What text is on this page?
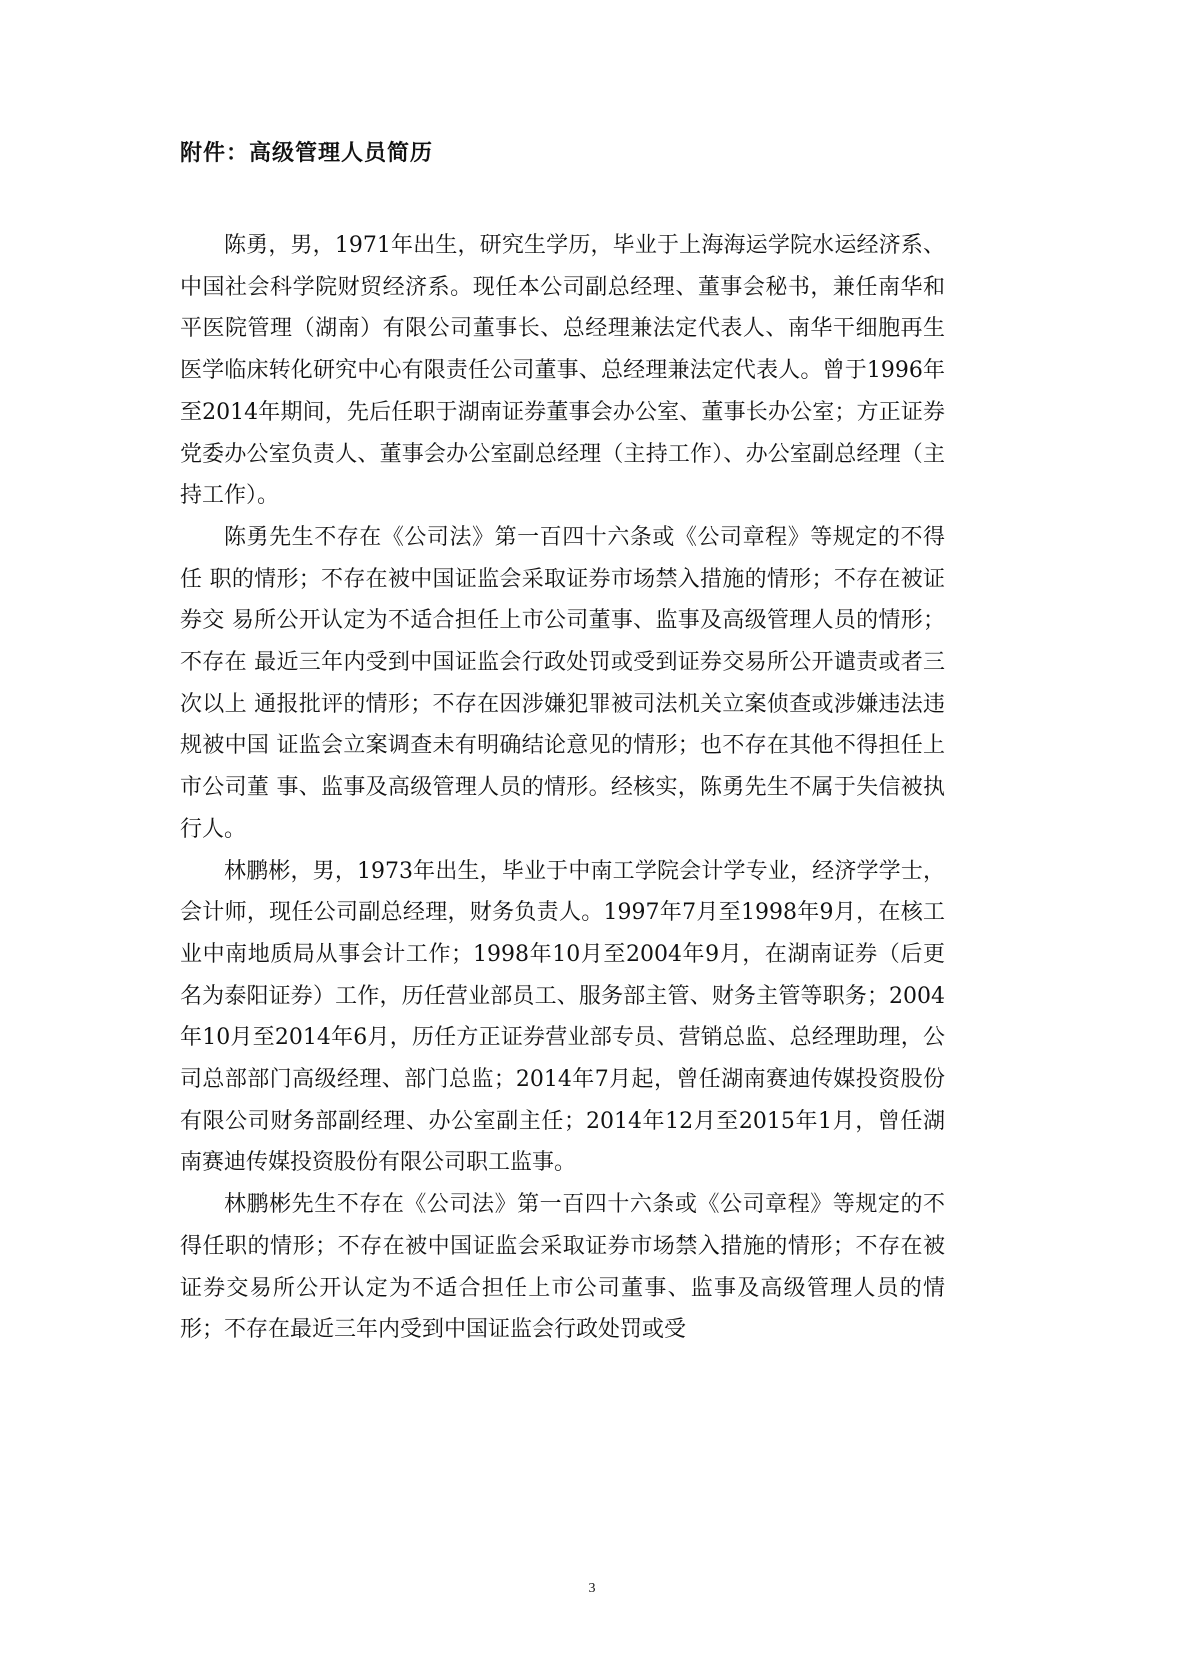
附件：高级管理人员简历

陈勇，男，1971年出生，研究生学历，毕业于上海海运学院水运经济系、中国社会科学院财贸经济系。现任本公司副总经理、董事会秘书，兼任南华和平医院管理（湖南）有限公司董事长、总经理兼法定代表人、南华干细胞再生医学临床转化研究中心有限责任公司董事、总经理兼法定代表人。曾于1996年至2014年期间，先后任职于湖南证券董事会办公室、董事长办公室；方正证券党委办公室负责人、董事会办公室副总经理（主持工作）、办公室副总经理（主持工作）。

陈勇先生不存在《公司法》第一百四十六条或《公司章程》等规定的不得任 职的情形；不存在被中国证监会采取证券市场禁入措施的情形；不存在被证券交 易所公开认定为不适合担任上市公司董事、监事及高级管理人员的情形；不存在 最近三年内受到中国证监会行政处罚或受到证券交易所公开谴责或者三次以上 通报批评的情形；不存在因涉嫌犯罪被司法机关立案侦查或涉嫌违法违规被中国 证监会立案调查未有明确结论意见的情形；也不存在其他不得担任上市公司董 事、监事及高级管理人员的情形。经核实，陈勇先生不属于失信被执行人。

林鹏彬，男，1973年出生，毕业于中南工学院会计学专业，经济学学士，会计师，现任公司副总经理，财务负责人。1997年7月至1998年9月，在核工业中南地质局从事会计工作；1998年10月至2004年9月，在湖南证券（后更名为泰阳证券）工作，历任营业部员工、服务部主管、财务主管等职务；2004年10月至2014年6月，历任方正证券营业部专员、营销总监、总经理助理，公司总部部门高级经理、部门总监；2014年7月起，曾任湖南赛迪传媒投资股份有限公司财务部副经理、办公室副主任；2014年12月至2015年1月，曾任湖南赛迪传媒投资股份有限公司职工监事。

林鹏彬先生不存在《公司法》第一百四十六条或《公司章程》等规定的不得任职的情形；不存在被中国证监会采取证券市场禁入措施的情形；不存在被证券交易所公开认定为不适合担任上市公司董事、监事及高级管理人员的情形；不存在最近三年内受到中国证监会行政处罚或受

3
